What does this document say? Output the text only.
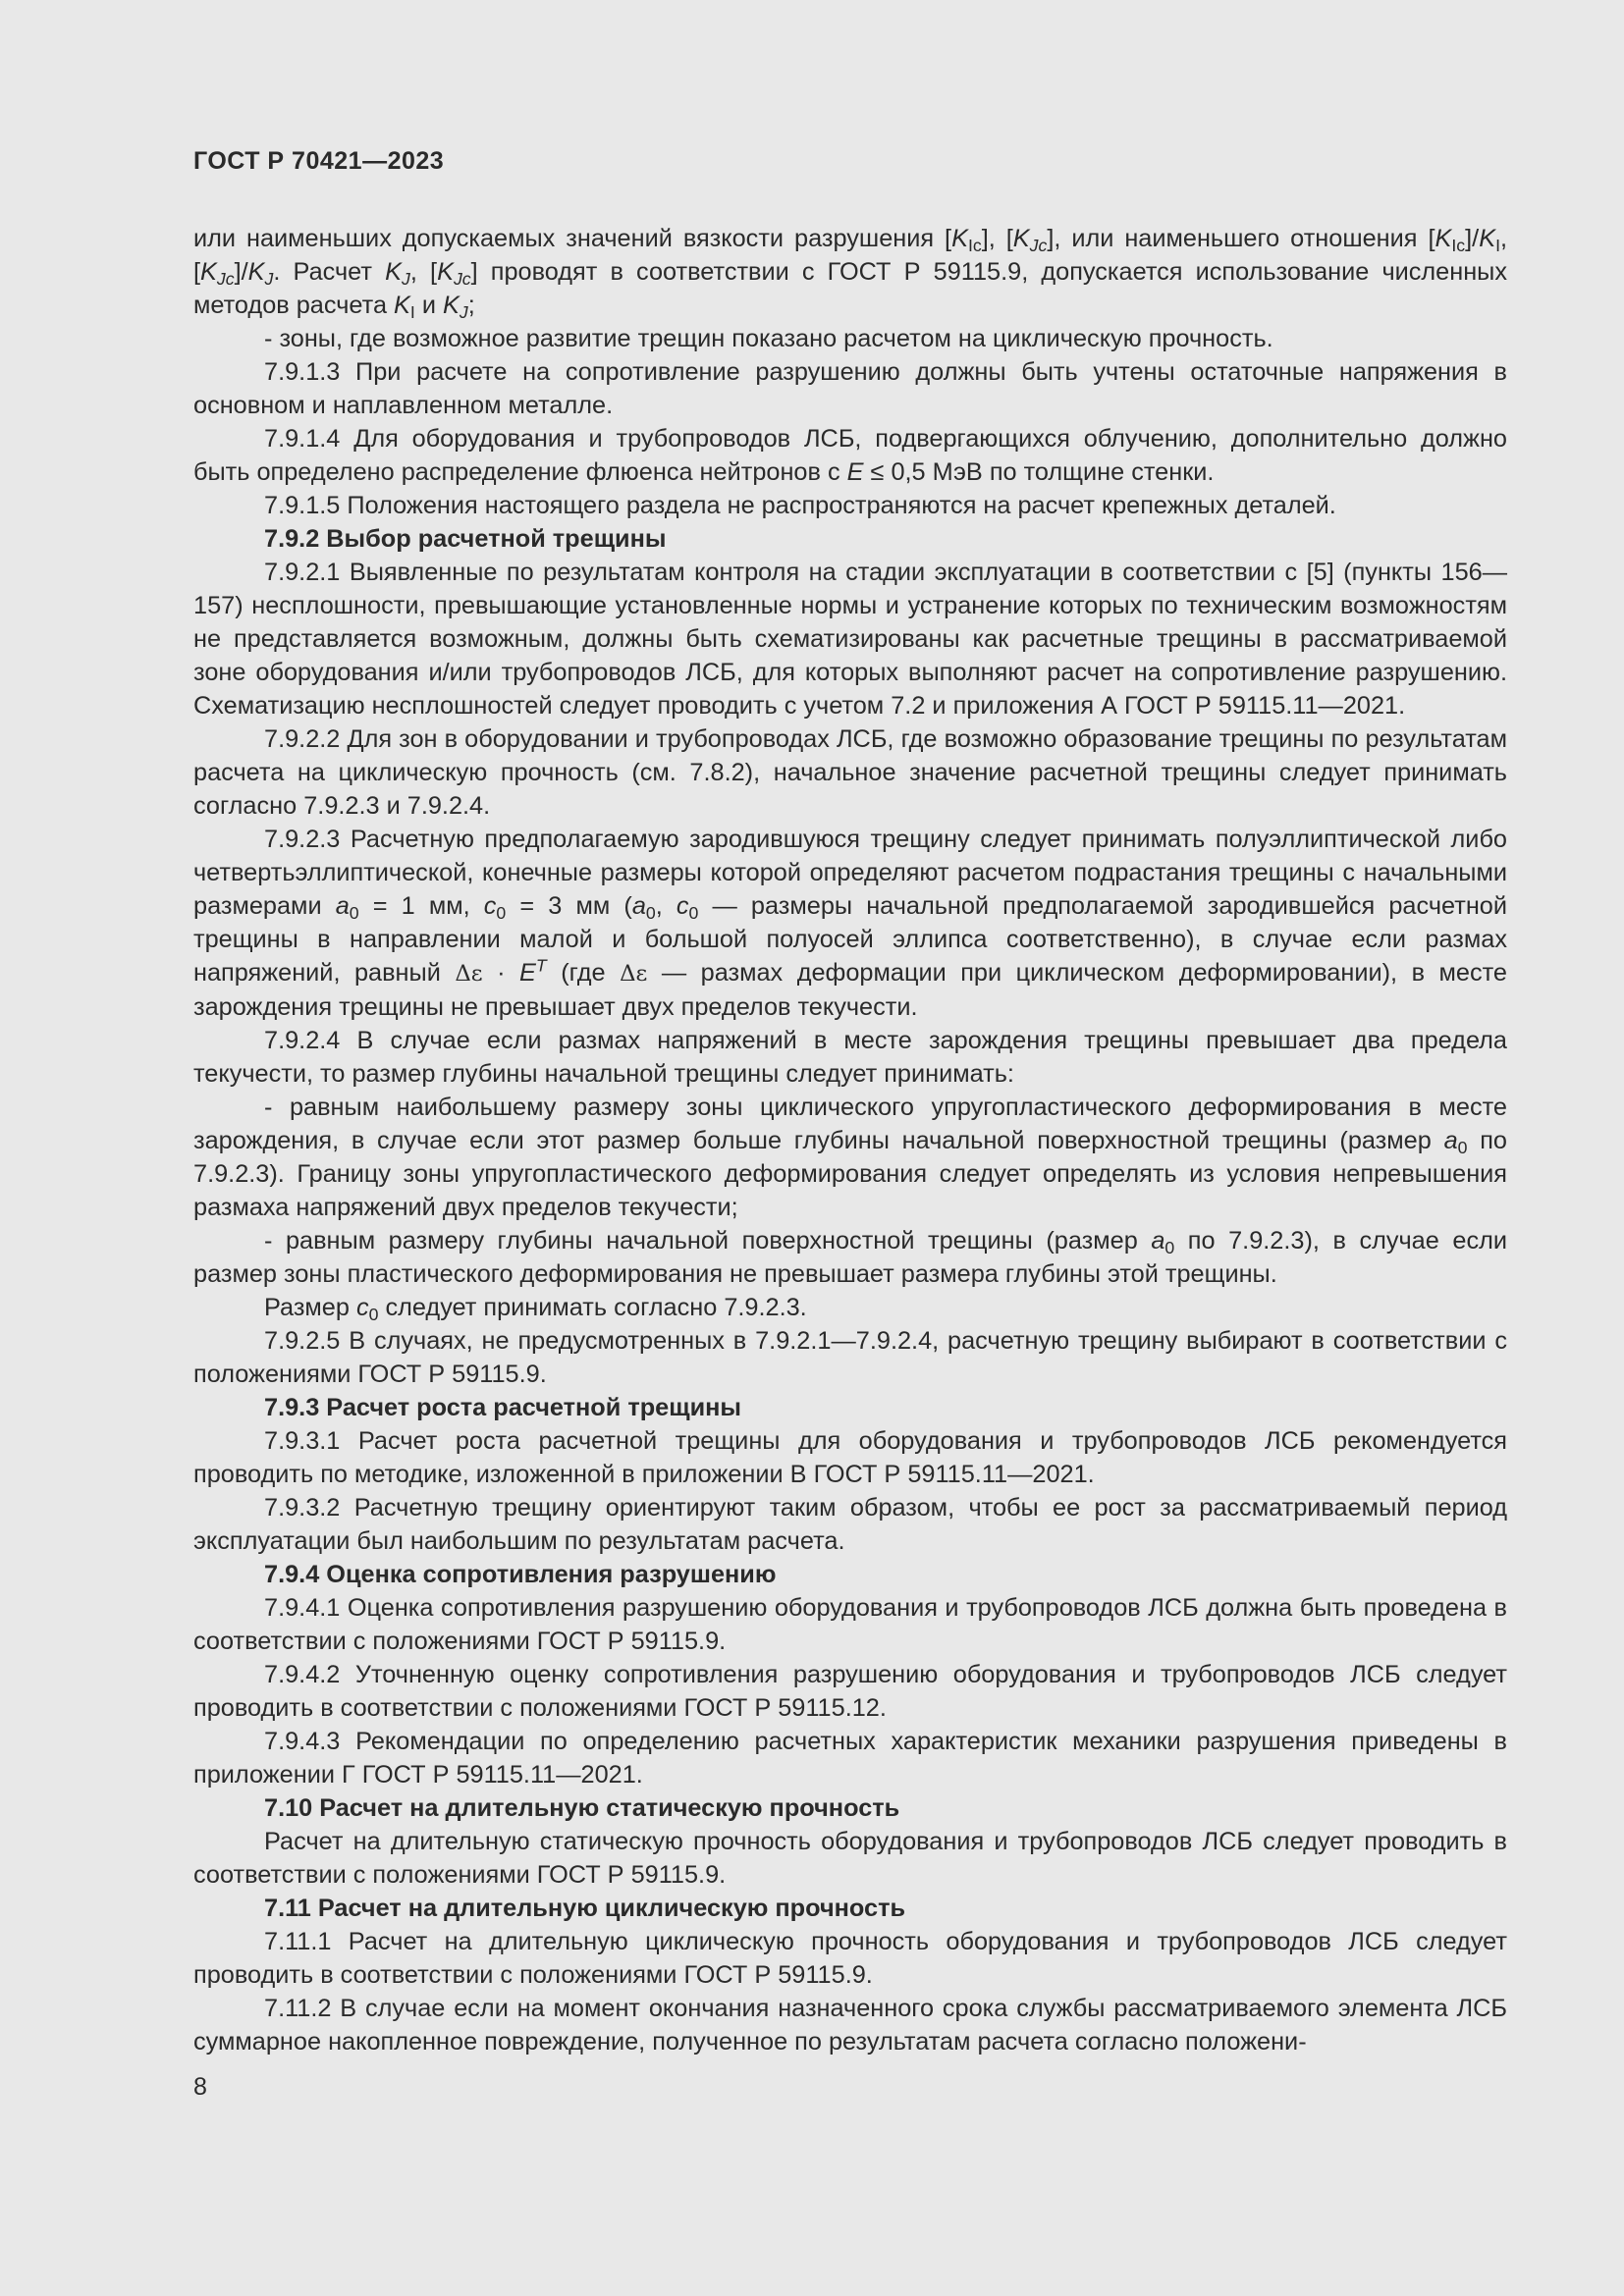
ГОСТ Р 70421—2023

или наименьших допускаемых значений вязкости разрушения $[K_{Ic}]$, $[K_{Jc}]$, или наименьшего отношения $[K_{Ic}]/K_I$, $[K_{Jc}]/K_J$. Расчет $K_J$, $[K_{Jc}]$ проводят в соответствии с ГОСТ Р 59115.9, допускается использование численных методов расчета $K_I$ и $K_J$;

- зоны, где возможное развитие трещин показано расчетом на циклическую прочность.

7.9.1.3 При расчете на сопротивление разрушению должны быть учтены остаточные напряжения в основном и наплавленном металле.

7.9.1.4 Для оборудования и трубопроводов ЛСБ, подвергающихся облучению, дополнительно должно быть определено распределение флюенса нейтронов с E ≤ 0,5 МэВ по толщине стенки.

7.9.1.5 Положения настоящего раздела не распространяются на расчет крепежных деталей.

7.9.2 Выбор расчетной трещины

7.9.2.1 Выявленные по результатам контроля на стадии эксплуатации в соответствии с [5] (пункты 156—157) несплошности, превышающие установленные нормы и устранение которых по техническим возможностям не представляется возможным, должны быть схематизированы как расчетные трещины в рассматриваемой зоне оборудования и/или трубопроводов ЛСБ, для которых выполняют расчет на сопротивление разрушению. Схематизацию несплошностей следует проводить с учетом 7.2 и приложения А ГОСТ Р 59115.11—2021.

7.9.2.2 Для зон в оборудовании и трубопроводах ЛСБ, где возможно образование трещины по результатам расчета на циклическую прочность (см. 7.8.2), начальное значение расчетной трещины следует принимать согласно 7.9.2.3 и 7.9.2.4.

7.9.2.3 Расчетную предполагаемую зародившуюся трещину следует принимать полуэллиптической либо четвертьэллиптической, конечные размеры которой определяют расчетом подрастания трещины с начальными размерами $a_0 = 1$ мм, $c_0 = 3$ мм ($a_0$, $c_0$ — размеры начальной предполагаемой зародившейся расчетной трещины в направлении малой и большой полуосей эллипса соответственно), в случае если размах напряжений, равный $\Delta\varepsilon \cdot E^T$ (где Δε — размах деформации при циклическом деформировании), в месте зарождения трещины не превышает двух пределов текучести.

7.9.2.4 В случае если размах напряжений в месте зарождения трещины превышает два предела текучести, то размер глубины начальной трещины следует принимать:

- равным наибольшему размеру зоны циклического упругопластического деформирования в месте зарождения, в случае если этот размер больше глубины начальной поверхностной трещины (размер $a_0$ по 7.9.2.3). Границу зоны упругопластического деформирования следует определять из условия непревышения размаха напряжений двух пределов текучести;

- равным размеру глубины начальной поверхностной трещины (размер $a_0$ по 7.9.2.3), в случае если размер зоны пластического деформирования не превышает размера глубины этой трещины.

Размер $c_0$ следует принимать согласно 7.9.2.3.

7.9.2.5 В случаях, не предусмотренных в 7.9.2.1—7.9.2.4, расчетную трещину выбирают в соответствии с положениями ГОСТ Р 59115.9.

7.9.3 Расчет роста расчетной трещины

7.9.3.1 Расчет роста расчетной трещины для оборудования и трубопроводов ЛСБ рекомендуется проводить по методике, изложенной в приложении В ГОСТ Р 59115.11—2021.

7.9.3.2 Расчетную трещину ориентируют таким образом, чтобы ее рост за рассматриваемый период эксплуатации был наибольшим по результатам расчета.

7.9.4 Оценка сопротивления разрушению

7.9.4.1 Оценка сопротивления разрушению оборудования и трубопроводов ЛСБ должна быть проведена в соответствии с положениями ГОСТ Р 59115.9.

7.9.4.2 Уточненную оценку сопротивления разрушению оборудования и трубопроводов ЛСБ следует проводить в соответствии с положениями ГОСТ Р 59115.12.

7.9.4.3 Рекомендации по определению расчетных характеристик механики разрушения приведены в приложении Г ГОСТ Р 59115.11—2021.

7.10 Расчет на длительную статическую прочность

Расчет на длительную статическую прочность оборудования и трубопроводов ЛСБ следует проводить в соответствии с положениями ГОСТ Р 59115.9.

7.11 Расчет на длительную циклическую прочность

7.11.1 Расчет на длительную циклическую прочность оборудования и трубопроводов ЛСБ следует проводить в соответствии с положениями ГОСТ Р 59115.9.

7.11.2 В случае если на момент окончания назначенного срока службы рассматриваемого элемента ЛСБ суммарное накопленное повреждение, полученное по результатам расчета согласно положени-

8
